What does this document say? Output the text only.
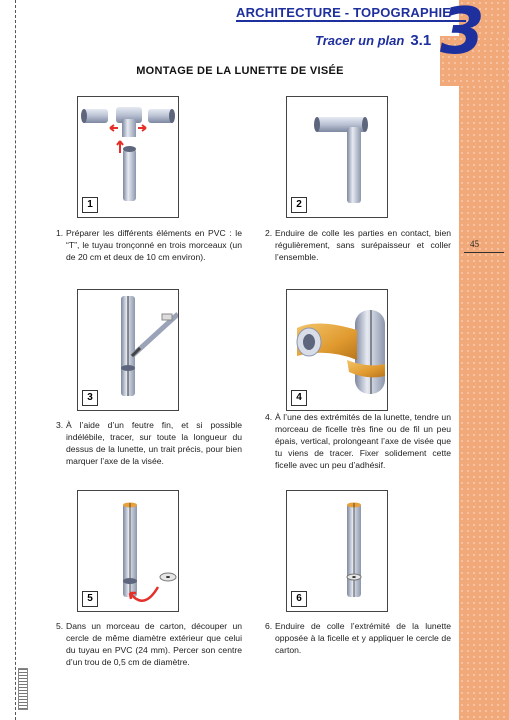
ARCHITECTURE - TOPOGRAPHIE
Tracer un plan 3.1 3
MONTAGE DE LA LUNETTE DE VISÉE
45
1	2
3	4
5	6
1. Préparer les différents éléments en PVC : le “T”, le tuyau tronçonné en trois morceaux (un de 20 cm et deux de 10 cm environ).
2. Enduire de colle les parties en contact, bien régulièrement, sans surépaisseur et coller l’ensemble.
3. À l’aide d’un feutre fin, et si possible indélébile, tracer, sur toute la longueur du dessus de la lunette, un trait précis, pour bien marquer l’axe de la visée.
4. À l’une des extrémités de la lunette, tendre un morceau de ficelle très fine ou de fil un peu épais, vertical, prolongeant l’axe de visée que tu viens de tracer. Fixer solidement cette ficelle avec un peu d’adhésif.
5. Dans un morceau de carton, découper un cercle de même diamètre extérieur que celui du tuyau en PVC (24 mm). Percer son centre d’un trou de 0,5 cm de diamètre.
6. Enduire de colle l’extrémité de la lunette opposée à la ficelle et y appliquer le cercle de carton.
